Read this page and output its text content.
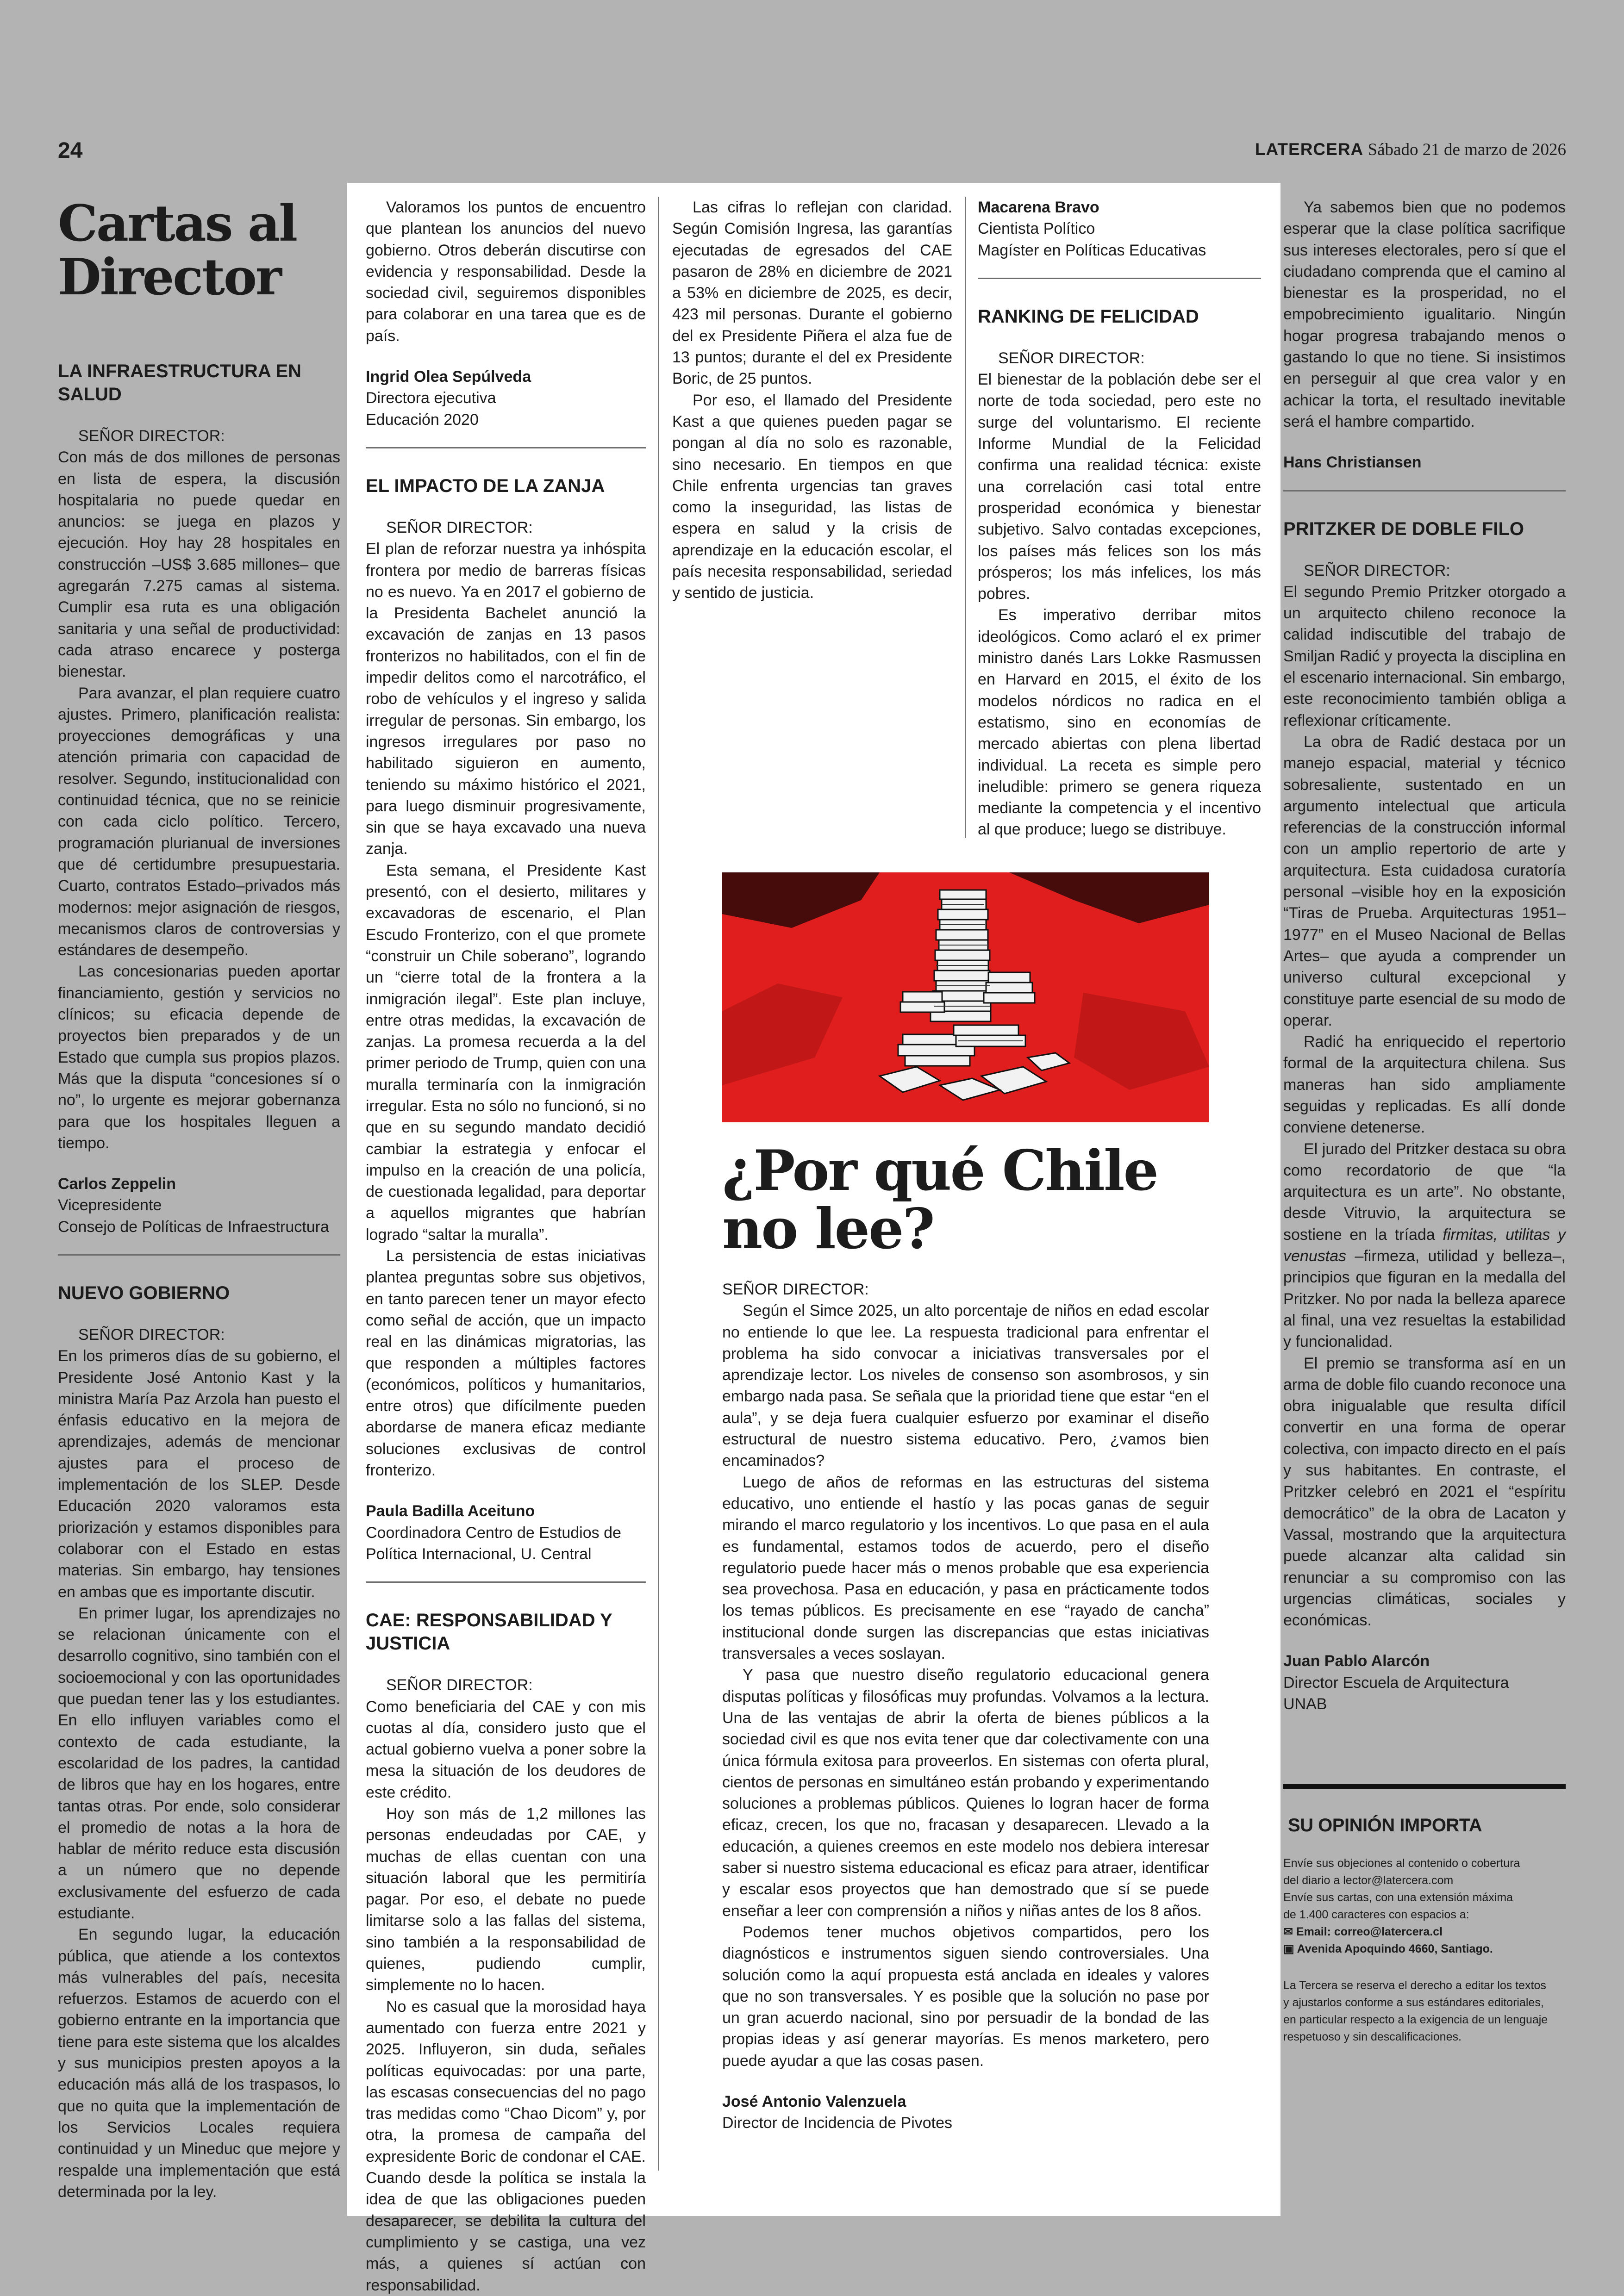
24	LATERCERA Sábado 21 de marzo de 2026
Cartas al
Director
LA INFRAESTRUCTURA EN SALUD

SEÑOR DIRECTOR:

Con más de dos millones de personas en lista de espera, la discusión hospitalaria no puede quedar en anuncios: se juega en plazos y ejecución. Hoy hay 28 hospitales en construcción –US$ 3.685 millones– que agregarán 7.275 camas al sistema. Cumplir esa ruta es una obligación sanitaria y una señal de productividad: cada atraso encarece y posterga bienestar.

Para avanzar, el plan requiere cuatro ajustes. Primero, planificación realista: proyecciones demográficas y una atención primaria con capacidad de resolver. Segundo, institucionalidad con continuidad técnica, que no se reinicie con cada ciclo político. Tercero, programación plurianual de inversiones que dé certidumbre presupuestaria. Cuarto, contratos Estado–privados más modernos: mejor asignación de riesgos, mecanismos claros de controversias y estándares de desempeño.

Las concesionarias pueden aportar financiamiento, gestión y servicios no clínicos; su eficacia depende de proyectos bien preparados y de un Estado que cumpla sus propios plazos. Más que la disputa “concesiones sí o no”, lo urgente es mejorar gobernanza para que los hospitales lleguen a tiempo.

Carlos Zeppelin
Vicepresidente
Consejo de Políticas de Infraestructura
NUEVO GOBIERNO

SEÑOR DIRECTOR:

En los primeros días de su gobierno, el Presidente José Antonio Kast y la ministra María Paz Arzola han puesto el énfasis educativo en la mejora de aprendizajes, además de mencionar ajustes para el proceso de implementación de los SLEP. Desde Educación 2020 valoramos esta priorización y estamos disponibles para colaborar con el Estado en estas materias. Sin embargo, hay tensiones en ambas que es importante discutir.

En primer lugar, los aprendizajes no se relacionan únicamente con el desarrollo cognitivo, sino también con el socioemocional y con las oportunidades que puedan tener las y los estudiantes. En ello influyen variables como el contexto de cada estudiante, la escolaridad de los padres, la cantidad de libros que hay en los hogares, entre tantas otras. Por ende, solo considerar el promedio de notas a la hora de hablar de mérito reduce esta discusión a un número que no depende exclusivamente del esfuerzo de cada estudiante.

En segundo lugar, la educación pública, que atiende a los contextos más vulnerables del país, necesita refuerzos. Estamos de acuerdo con el gobierno entrante en la importancia que tiene para este sistema que los alcaldes y sus municipios presten apoyos a la educación más allá de los traspasos, lo que no quita que la implementación de los Servicios Locales requiera continuidad y un Mineduc que mejore y respalde una implementación que está determinada por la ley.

Valoramos los puntos de encuentro que plantean los anuncios del nuevo gobierno. Otros deberán discutirse con evidencia y responsabilidad. Desde la sociedad civil, seguiremos disponibles para colaborar en una tarea que es de país.

Ingrid Olea Sepúlveda
Directora ejecutiva
Educación 2020
EL IMPACTO DE LA ZANJA

SEÑOR DIRECTOR:

El plan de reforzar nuestra ya inhóspita frontera por medio de barreras físicas no es nuevo. Ya en 2017 el gobierno de la Presidenta Bachelet anunció la excavación de zanjas en 13 pasos fronterizos no habilitados, con el fin de impedir delitos como el narcotráfico, el robo de vehículos y el ingreso y salida irregular de personas. Sin embargo, los ingresos irregulares por paso no habilitado siguieron en aumento, teniendo su máximo histórico el 2021, para luego disminuir progresivamente, sin que se haya excavado una nueva zanja.

Esta semana, el Presidente Kast presentó, con el desierto, militares y excavadoras de escenario, el Plan Escudo Fronterizo, con el que promete “construir un Chile soberano”, logrando un “cierre total de la frontera a la inmigración ilegal”. Este plan incluye, entre otras medidas, la excavación de zanjas. La promesa recuerda a la del primer periodo de Trump, quien con una muralla terminaría con la inmigración irregular. Esta no sólo no funcionó, si no que en su segundo mandato decidió cambiar la estrategia y enfocar el impulso en la creación de una policía, de cuestionada legalidad, para deportar a aquellos migrantes que habrían logrado “saltar la muralla”.

La persistencia de estas iniciativas plantea preguntas sobre sus objetivos, en tanto parecen tener un mayor efecto como señal de acción, que un impacto real en las dinámicas migratorias, las que responden a múltiples factores (económicos, políticos y humanitarios, entre otros) que difícilmente pueden abordarse de manera eficaz mediante soluciones exclusivas de control fronterizo.

Paula Badilla Aceituno
Coordinadora Centro de Estudios de
Política Internacional, U. Central
CAE: RESPONSABILIDAD Y JUSTICIA

SEÑOR DIRECTOR:

Como beneficiaria del CAE y con mis cuotas al día, considero justo que el actual gobierno vuelva a poner sobre la mesa la situación de los deudores de este crédito.

Hoy son más de 1,2 millones las personas endeudadas por CAE, y muchas de ellas cuentan con una situación laboral que les permitiría pagar. Por eso, el debate no puede limitarse solo a las fallas del sistema, sino también a la responsabilidad de quienes, pudiendo cumplir, simplemente no lo hacen.

No es casual que la morosidad haya aumentado con fuerza entre 2021 y 2025. Influyeron, sin duda, señales políticas equivocadas: por una parte, las escasas consecuencias del no pago tras medidas como “Chao Dicom” y, por otra, la promesa de campaña del expresidente Boric de condonar el CAE. Cuando desde la política se instala la idea de que las obligaciones pueden desaparecer, se debilita la cultura del cumplimiento y se castiga, una vez más, a quienes sí actúan con responsabilidad.

Las cifras lo reflejan con claridad. Según Comisión Ingresa, las garantías ejecutadas de egresados del CAE pasaron de 28% en diciembre de 2021 a 53% en diciembre de 2025, es decir, 423 mil personas. Durante el gobierno del ex Presidente Piñera el alza fue de 13 puntos; durante el del ex Presidente Boric, de 25 puntos.

Por eso, el llamado del Presidente Kast a que quienes pueden pagar se pongan al día no solo es razonable, sino necesario. En tiempos en que Chile enfrenta urgencias tan graves como la inseguridad, las listas de espera en salud y la crisis de aprendizaje en la educación escolar, el país necesita responsabilidad, seriedad y sentido de justicia.

Macarena Bravo
Cientista Político
Magíster en Políticas Educativas
RANKING DE FELICIDAD

SEÑOR DIRECTOR:

El bienestar de la población debe ser el norte de toda sociedad, pero este no surge del voluntarismo. El reciente Informe Mundial de la Felicidad confirma una realidad técnica: existe una correlación casi total entre prosperidad económica y bienestar subjetivo. Salvo contadas excepciones, los países más felices son los más prósperos; los más infelices, los más pobres.

Es imperativo derribar mitos ideológicos. Como aclaró el ex primer ministro danés Lars Lokke Rasmussen en Harvard en 2015, el éxito de los modelos nórdicos no radica en el estatismo, sino en economías de mercado abiertas con plena libertad individual. La receta es simple pero ineludible: primero se genera riqueza mediante la competencia y el incentivo al que produce; luego se distribuye.

¿Por qué Chile
no lee?

SEÑOR DIRECTOR:

Según el Simce 2025, un alto porcentaje de niños en edad escolar no entiende lo que lee. La respuesta tradicional para enfrentar el problema ha sido convocar a iniciativas transversales por el aprendizaje lector. Los niveles de consenso son asombrosos, y sin embargo nada pasa. Se señala que la prioridad tiene que estar “en el aula”, y se deja fuera cualquier esfuerzo por examinar el diseño estructural de nuestro sistema educativo. Pero, ¿vamos bien encaminados?

Luego de años de reformas en las estructuras del sistema educativo, uno entiende el hastío y las pocas ganas de seguir mirando el marco regulatorio y los incentivos. Lo que pasa en el aula es fundamental, estamos todos de acuerdo, pero el diseño regulatorio puede hacer más o menos probable que esa experiencia sea provechosa. Pasa en educación, y pasa en prácticamente todos los temas públicos. Es precisamente en ese “rayado de cancha” institucional donde surgen las discrepancias que estas iniciativas transversales a veces soslayan.

Y pasa que nuestro diseño regulatorio educacional genera disputas políticas y filosóficas muy profundas. Volvamos a la lectura. Una de las ventajas de abrir la oferta de bienes públicos a la sociedad civil es que nos evita tener que dar colectivamente con una única fórmula exitosa para proveerlos. En sistemas con oferta plural, cientos de personas en simultáneo están probando y experimentando soluciones a problemas públicos. Quienes lo logran hacer de forma eficaz, crecen, los que no, fracasan y desaparecen. Llevado a la educación, a quienes creemos en este modelo nos debiera interesar saber si nuestro sistema educacional es eficaz para atraer, identificar y escalar esos proyectos que han demostrado que sí se puede enseñar a leer con comprensión a niños y niñas antes de los 8 años.

Podemos tener muchos objetivos compartidos, pero los diagnósticos e instrumentos siguen siendo controversiales. Una solución como la aquí propuesta está anclada en ideales y valores que no son transversales. Y es posible que la solución no pase por un gran acuerdo nacional, sino por persuadir de la bondad de las propias ideas y así generar mayorías. Es menos marketero, pero puede ayudar a que las cosas pasen.

José Antonio Valenzuela
Director de Incidencia de Pivotes

Ya sabemos bien que no podemos esperar que la clase política sacrifique sus intereses electorales, pero sí que el ciudadano comprenda que el camino al bienestar es la prosperidad, no el empobrecimiento igualitario. Ningún hogar progresa trabajando menos o gastando lo que no tiene. Si insistimos en perseguir al que crea valor y en achicar la torta, el resultado inevitable será el hambre compartido.

Hans Christiansen
PRITZKER DE DOBLE FILO

SEÑOR DIRECTOR:

El segundo Premio Pritzker otorgado a un arquitecto chileno reconoce la calidad indiscutible del trabajo de Smiljan Radić y proyecta la disciplina en el escenario internacional. Sin embargo, este reconocimiento también obliga a reflexionar críticamente.

La obra de Radić destaca por un manejo espacial, material y técnico sobresaliente, sustentado en un argumento intelectual que articula referencias de la construcción informal con un amplio repertorio de arte y arquitectura. Esta cuidadosa curatoría personal –visible hoy en la exposición “Tiras de Prueba. Arquitecturas 1951–1977” en el Museo Nacional de Bellas Artes– que ayuda a comprender un universo cultural excepcional y constituye parte esencial de su modo de operar.

Radić ha enriquecido el repertorio formal de la arquitectura chilena. Sus maneras han sido ampliamente seguidas y replicadas. Es allí donde conviene detenerse.

El jurado del Pritzker destaca su obra como recordatorio de que “la arquitectura es un arte”. No obstante, desde Vitruvio, la arquitectura se sostiene en la tríada firmitas, utilitas y venustas –firmeza, utilidad y belleza–, principios que figuran en la medalla del Pritzker. No por nada la belleza aparece al final, una vez resueltas la estabilidad y funcionalidad.

El premio se transforma así en un arma de doble filo cuando reconoce una obra inigualable que resulta difícil convertir en una forma de operar colectiva, con impacto directo en el país y sus habitantes. En contraste, el Pritzker celebró en 2021 el “espíritu democrático” de la obra de Lacaton y Vassal, mostrando que la arquitectura puede alcanzar alta calidad sin renunciar a su compromiso con las urgencias climáticas, sociales y económicas.

Juan Pablo Alarcón
Director Escuela de Arquitectura
UNAB
SU OPINIÓN IMPORTA
Envíe sus objeciones al contenido o cobertura
del diario a lector@latercera.com
Envíe sus cartas, con una extensión máxima
de 1.400 caracteres con espacios a:
✉ Email: correo@latercera.cl
▣ Avenida Apoquindo 4660, Santiago.
La Tercera se reserva el derecho a editar los textos
y ajustarlos conforme a sus estándares editoriales,
en particular respecto a la exigencia de un lenguaje
respetuoso y sin descalificaciones.
